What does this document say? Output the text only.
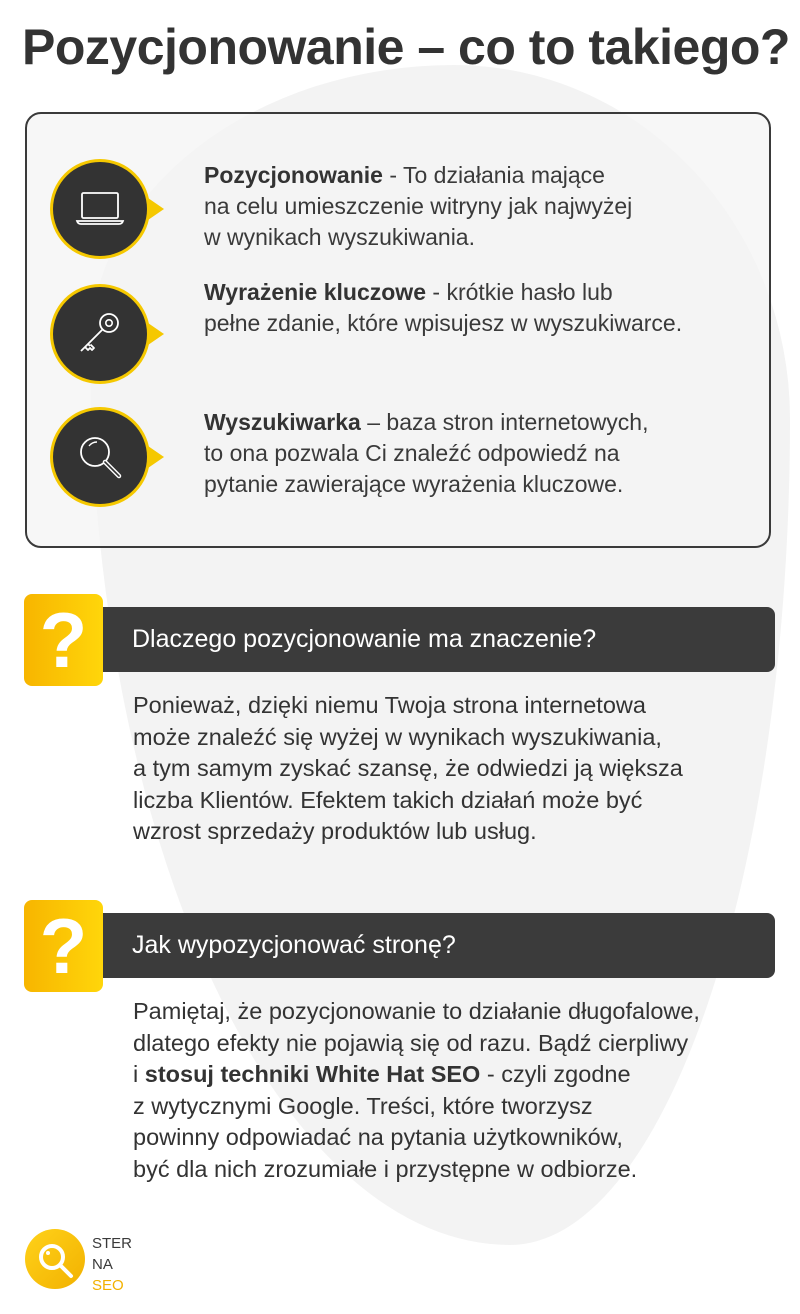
Pozycjonowanie – co to takiego?
Pozycjonowanie - To działania mające
na celu umieszczenie witryny jak najwyżej
w wynikach wyszukiwania.
Wyrażenie kluczowe - krótkie hasło lub
pełne zdanie, które wpisujesz w wyszukiwarce.
Wyszukiwarka – baza stron internetowych,
to ona pozwala Ci znaleźć odpowiedź na
pytanie zawierające wyrażenia kluczowe.
? Dlaczego pozycjonowanie ma znaczenie?
Ponieważ, dzięki niemu Twoja strona internetowa
może znaleźć się wyżej w wynikach wyszukiwania,
a tym samym zyskać szansę, że odwiedzi ją większa
liczba Klientów. Efektem takich działań może być
wzrost sprzedaży produktów lub usług.
? Jak wypozycjonować stronę?
Pamiętaj, że pozycjonowanie to działanie długofalowe,
dlatego efekty nie pojawią się od razu. Bądź cierpliwy
i stosuj techniki White Hat SEO - czyli zgodne
z wytycznymi Google. Treści, które tworzysz
powinny odpowiadać na pytania użytkowników,
być dla nich zrozumiałe i przystępne w odbiorze.
STER
NA
SEO
